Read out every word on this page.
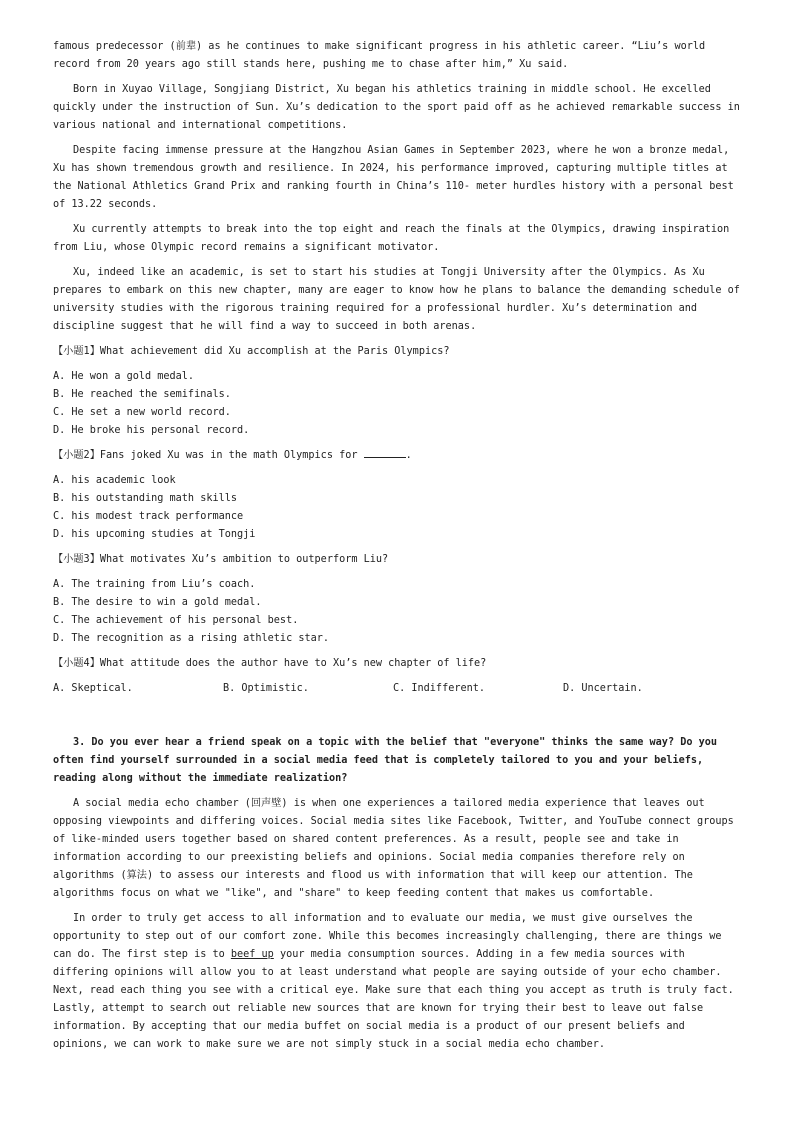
famous predecessor (前辈) as he continues to make significant progress in his athletic career. “Liu’s world record from 20 years ago still stands here, pushing me to chase after him,” Xu said.

Born in Xuyao Village, Songjiang District, Xu began his athletics training in middle school. He excelled quickly under the instruction of Sun. Xu’s dedication to the sport paid off as he achieved remarkable success in various national and international competitions.

Despite facing immense pressure at the Hangzhou Asian Games in September 2023, where he won a bronze medal, Xu has shown tremendous growth and resilience. In 2024, his performance improved, capturing multiple titles at the National Athletics Grand Prix and ranking fourth in China’s 110- meter hurdles history with a personal best of 13.22 seconds.

Xu currently attempts to break into the top eight and reach the finals at the Olympics, drawing inspiration from Liu, whose Olympic record remains a significant motivator.

Xu, indeed like an academic, is set to start his studies at Tongji University after the Olympics. As Xu prepares to embark on this new chapter, many are eager to know how he plans to balance the demanding schedule of university studies with the rigorous training required for a professional hurdler. Xu’s determination and discipline suggest that he will find a way to succeed in both arenas.

【小题1】What achievement did Xu accomplish at the Paris Olympics?
A. He won a gold medal.
B. He reached the semifinals.
C. He set a new world record.
D. He broke his personal record.
【小题2】Fans joked Xu was in the math Olympics for	.
A. his academic look
B. his outstanding math skills
C. his modest track performance
D. his upcoming studies at Tongji
【小题3】What motivates Xu’s ambition to outperform Liu?
A. The training from Liu’s coach.
B. The desire to win a gold medal.
C. The achievement of his personal best.
D. The recognition as a rising athletic star.
【小题4】What attitude does the author have to Xu’s new chapter of life?
A. Skeptical.	B. Optimistic.	C. Indifferent.	D. Uncertain.

3. Do you ever hear a friend speak on a topic with the belief that "everyone" thinks the same way? Do you often find yourself surrounded in a social media feed that is completely tailored to you and your beliefs, reading along without the immediate realization?

A social media echo chamber (回声壁) is when one experiences a tailored media experience that leaves out opposing viewpoints and differing voices. Social media sites like Facebook, Twitter, and YouTube connect groups of like-minded users together based on shared content preferences. As a result, people see and take in information according to our preexisting beliefs and opinions. Social media companies therefore rely on algorithms (算法) to assess our interests and flood us with information that will keep our attention. The algorithms focus on what we "like", and "share" to keep feeding content that makes us comfortable.

In order to truly get access to all information and to evaluate our media, we must give ourselves the opportunity to step out of our comfort zone. While this becomes increasingly challenging, there are things we can do. The first step is to beef up your media consumption sources. Adding in a few media sources with differing opinions will allow you to at least understand what people are saying outside of your echo chamber. Next, read each thing you see with a critical eye. Make sure that each thing you accept as truth is truly fact. Lastly, attempt to search out reliable new sources that are known for trying their best to leave out false information. By accepting that our media buffet on social media is a product of our present beliefs and opinions, we can work to make sure we are not simply stuck in a social media echo chamber.
